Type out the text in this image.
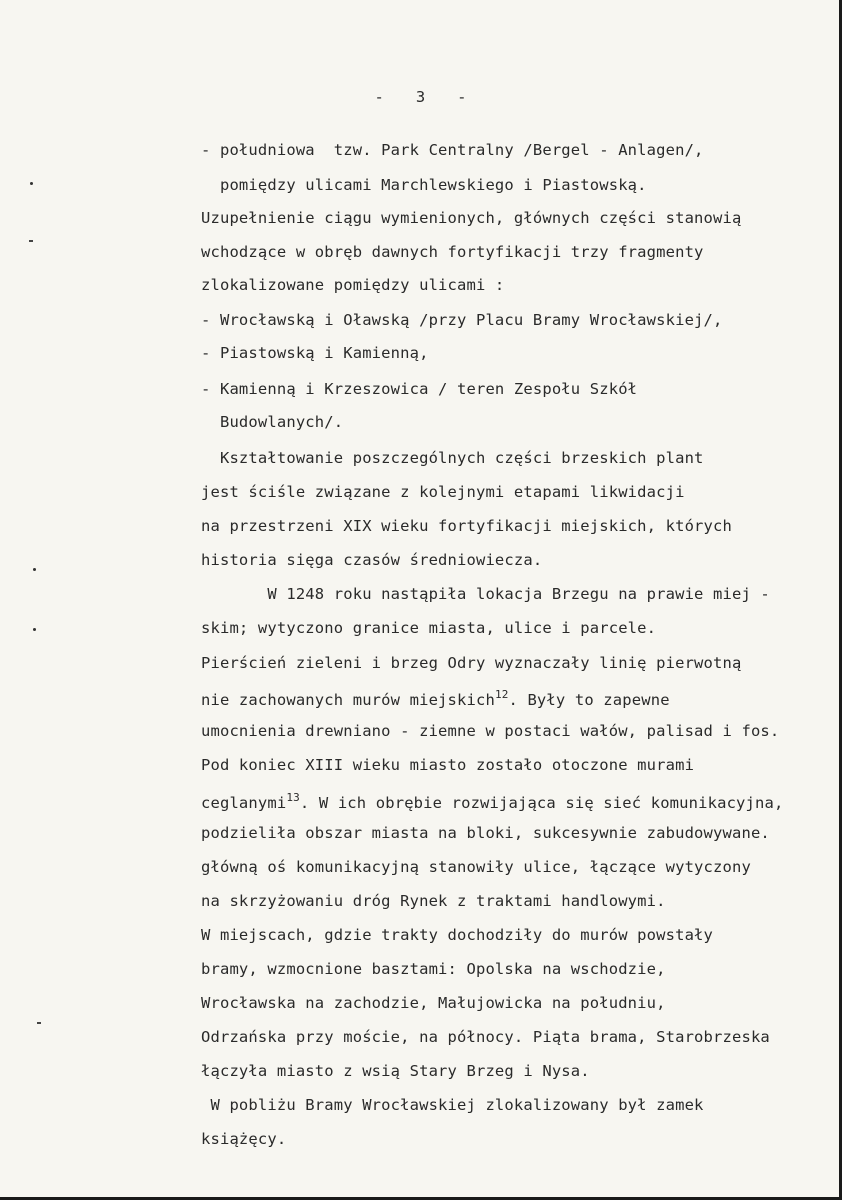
-   3   -
- południowa  tzw. Park Centralny /Bergel - Anlagen/,
pomiędzy ulicami Marchlewskiego i Piastowską.
Uzupełnienie ciągu wymienionych, głównych części stanowią
wchodzące w obręb dawnych fortyfikacji trzy fragmenty
zlokalizowane pomiędzy ulicami :
- Wrocławską i Oławską /przy Placu Bramy Wrocławskiej/,
- Piastowską i Kamienną,
- Kamienną i Krzeszowica / teren Zespołu Szkół
Budowlanych/.
Kształtowanie poszczególnych części brzeskich plant
jest ściśle związane z kolejnymi etapami likwidacji
na przestrzeni XIX wieku fortyfikacji miejskich, których
historia sięga czasów średniowiecza.
W 1248 roku nastąpiła lokacja Brzegu na prawie miej -
skim; wytyczono granice miasta, ulice i parcele.
Pierścień zieleni i brzeg Odry wyznaczały linię pierwotną
nie zachowanych murów miejskich$^{12}$. Były to zapewne
umocnienia drewniano - ziemne w postaci wałów, palisad i fos.
Pod koniec XIII wieku miasto zostało otoczone murami
ceglanymi$^{13}$. W ich obrębie rozwijająca się sieć komunikacyjna,
podzieliła obszar miasta na bloki, sukcesywnie zabudowywane.
główną oś komunikacyjną stanowiły ulice, łączące wytyczony
na skrzyżowaniu dróg Rynek z traktami handlowymi.
W miejscach, gdzie trakty dochodziły do murów powstały
bramy, wzmocnione basztami: Opolska na wschodzie,
Wrocławska na zachodzie, Małujowicka na południu,
Odrzańska przy moście, na północy. Piąta brama, Starobrzeska
łączyła miasto z wsią Stary Brzeg i Nysa.
W pobliżu Bramy Wrocławskiej zlokalizowany był zamek
książęcy.
